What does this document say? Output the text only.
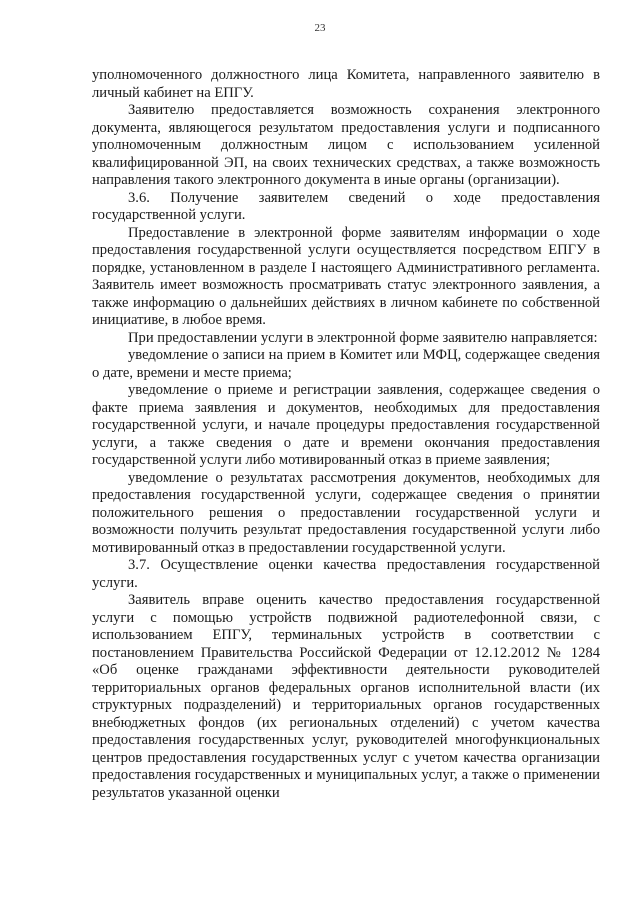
23

уполномоченного должностного лица Комитета, направленного заявителю в личный кабинет на ЕПГУ.

Заявителю предоставляется возможность сохранения электронного документа, являющегося результатом предоставления услуги и подписанного уполномоченным должностным лицом с использованием усиленной квалифицированной ЭП, на своих технических средствах, а также возможность направления такого электронного документа в иные органы (организации).

3.6. Получение заявителем сведений о ходе предоставления государственной услуги.

Предоставление в электронной форме заявителям информации о ходе предоставления государственной услуги осуществляется посредством ЕПГУ в порядке, установленном в разделе I настоящего Административного регламента. Заявитель имеет возможность просматривать статус электронного заявления, а также информацию о дальнейших действиях в личном кабинете по собственной инициативе, в любое время.

При предоставлении услуги в электронной форме заявителю направляется:

уведомление о записи на прием в Комитет или МФЦ, содержащее сведения о дате, времени и месте приема;

уведомление о приеме и регистрации заявления, содержащее сведения о факте приема заявления и документов, необходимых для предоставления государственной услуги, и начале процедуры предоставления государственной услуги, а также сведения о дате и времени окончания предоставления государственной услуги либо мотивированный отказ в приеме заявления;

уведомление о результатах рассмотрения документов, необходимых для предоставления государственной услуги, содержащее сведения о принятии положительного решения о предоставлении государственной услуги и возможности получить результат предоставления государственной услуги либо мотивированный отказ в предоставлении государственной услуги.

3.7. Осуществление оценки качества предоставления государственной услуги.

Заявитель вправе оценить качество предоставления государственной услуги с помощью устройств подвижной радиотелефонной связи, с использованием ЕПГУ, терминальных устройств в соответствии с постановлением Правительства Российской Федерации от 12.12.2012 № 1284 «Об оценке гражданами эффективности деятельности руководителей территориальных органов федеральных органов исполнительной власти (их структурных подразделений) и территориальных органов государственных внебюджетных фондов (их региональных отделений) с учетом качества предоставления государственных услуг, руководителей многофункциональных центров предоставления государственных услуг с учетом качества организации предоставления государственных и муниципальных услуг, а также о применении результатов указанной оценки
